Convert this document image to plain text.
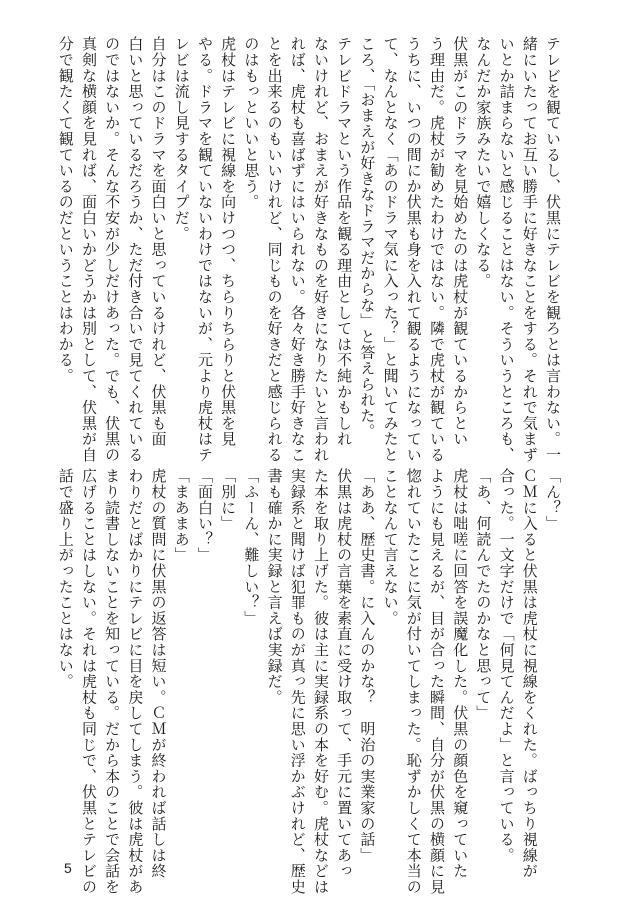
テレビを観ているし、伏黒にテレビを観ろとは言わない。一
緒にいたってお互い勝手に好きなことをする。それで気まず
いとか詰まらないと感じることはない。そういうところも、
なんだか家族みたいで嬉しくなる。
伏黒がこのドラマを見始めたのは虎杖が観ているからとい
う理由だ。虎杖が勧めたわけではない。隣で虎杖が観ている
うちに、いつの間にか伏黒も身を入れて観るようになってい
て、なんとなく「あのドラマ気に入った？」と聞いてみたと
ころ、「おまえが好きなドラマだからな」と答えられた。
テレビドラマという作品を観る理由としては不純かもしれ
ないけれど、おまえが好きなものを好きになりたいと言われ
れば、虎杖も喜ばずにはいられない。各々好き勝手好きなこ
とを出来るのもいいけれど、同じものを好きだと感じられる
のはもっといいと思う。
虎杖はテレビに視線を向けつつ、ちらりちらりと伏黒を見
やる。ドラマを観ていないわけではないが、元より虎杖はテ
レビは流し見するタイプだ。
自分はこのドラマを面白いと思っているけれど、伏黒も面
白いと思っているだろうか、ただ付き合いで見てくれている
のではないか。そんな不安が少しだけあった。でも、伏黒の
真剣な横顔を見れば、面白いかどうかは別として、伏黒が自
分で観たくて観ているのだということはわかる。
「ん？」
ＣＭに入ると伏黒は虎杖に視線をくれた。ばっちり視線が
合った。一文字だけで「何見てんだよ」と言っている。
「あ、何読んでたのかなと思って」
虎杖は咄嗟に回答を誤魔化した。伏黒の顔色を窺っていた
ようにも見えるが、目が合った瞬間、自分が伏黒の横顔に見
惚れていたことに気が付いてしまった。恥ずかしくて本当の
ことなんて言えない。
「ああ、歴史書。に入んのかな？　明治の実業家の話」
伏黒は虎杖の言葉を素直に受け取って、手元に置いてあっ
た本を取り上げた。彼は主に実録系の本を好む。虎杖などは
実録系と聞けば犯罪ものが真っ先に思い浮かぶけれど、歴史
書も確かに実録と言えば実録だ。
「ふーん、難しい？」
「別に」
「面白い？」
「まあまあ」
虎杖の質問に伏黒の返答は短い。ＣＭが終われば話しは終
わりだとばかりにテレビに目を戻してしまう。彼は虎杖があ
まり読書しないことを知っている。だから本のことで会話を
広げることはしない。それは虎杖も同じで、伏黒とテレビの
話で盛り上がったことはない。
5
